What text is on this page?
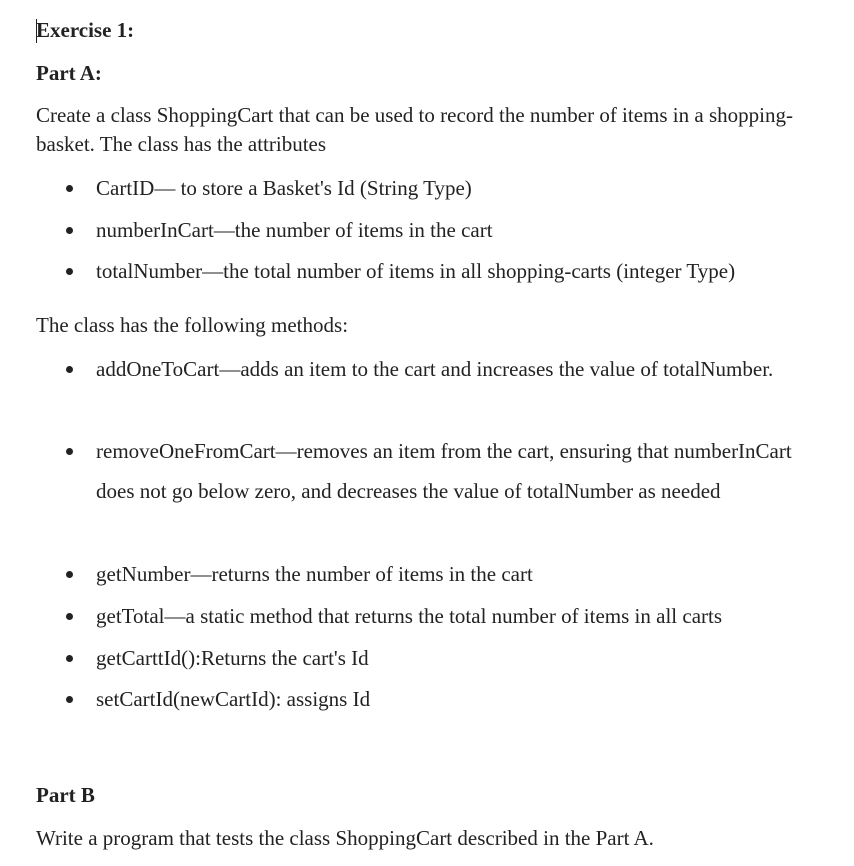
Exercise 1:

Part A:

Create a class ShoppingCart that can be used to record the number of items in a shopping-basket. The class has the attributes

CartID— to store a Basket's Id (String Type)

numberInCart—the number of items in the cart

totalNumber—the total number of items in all shopping-carts (integer Type)

The class has the following methods:

addOneToCart—adds an item to the cart and increases the value of totalNumber.

removeOneFromCart—removes an item from the cart, ensuring that numberInCart does not go below zero, and decreases the value of totalNumber as needed

getNumber—returns the number of items in the cart

getTotal—a static method that returns the total number of items in all carts

getCarttId():Returns the cart's Id

setCartId(newCartId): assigns Id

Part B

Write a program that tests the class ShoppingCart described in the Part A.
